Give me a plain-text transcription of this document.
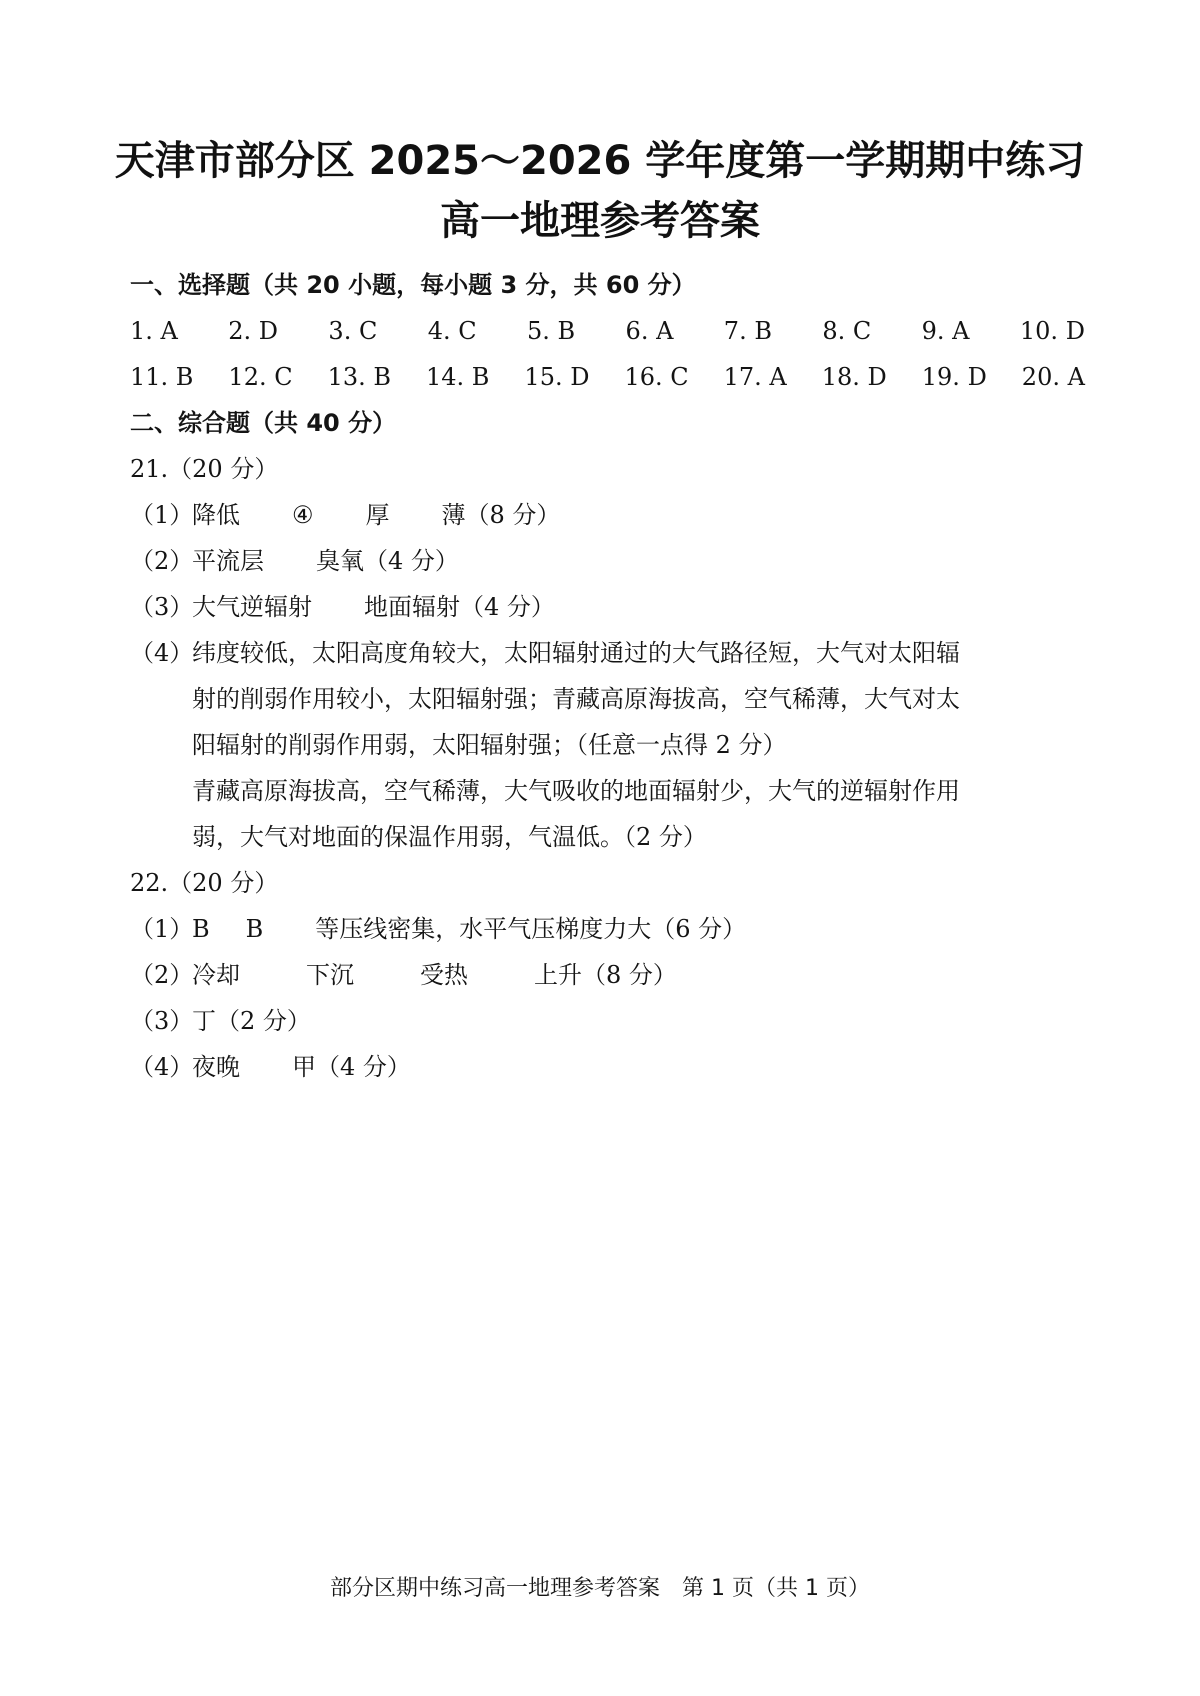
天津市部分区 2025～2026 学年度第一学期期中练习
高一地理参考答案
一、选择题（共 20 小题，每小题 3 分，共 60 分）
1. A 2. D 3. C 4. C 5. B 6. A 7. B 8. C 9. A 10. D
11. B 12. C 13. B 14. B 15. D 16. C 17. A 18. D 19. D 20. A
二、综合题（共 40 分）
21.（20 分）
（1）
降低 ④ 厚 薄（8 分）
（2）
平流层 臭氧（4 分）
（3）
大气逆辐射 地面辐射（4 分）
（4）
纬度较低，太阳高度角较大，太阳辐射通过的大气路径短，大气对太阳辐
射的削弱作用较小，太阳辐射强；青藏高原海拔高，空气稀薄，大气对太
阳辐射的削弱作用弱，太阳辐射强；（任意一点得 2 分）
青藏高原海拔高，空气稀薄，大气吸收的地面辐射少，大气的逆辐射作用
弱，大气对地面的保温作用弱，气温低。（2 分）
22.（20 分）
（1）
B B 等压线密集，水平气压梯度力大（6 分）
（2）
冷却	下沉	受热	上升（8 分）
（3）
丁（2 分）
（4）
夜晚 甲（4 分）
部分区期中练习高一地理参考答案　第 1 页（共 1 页）
